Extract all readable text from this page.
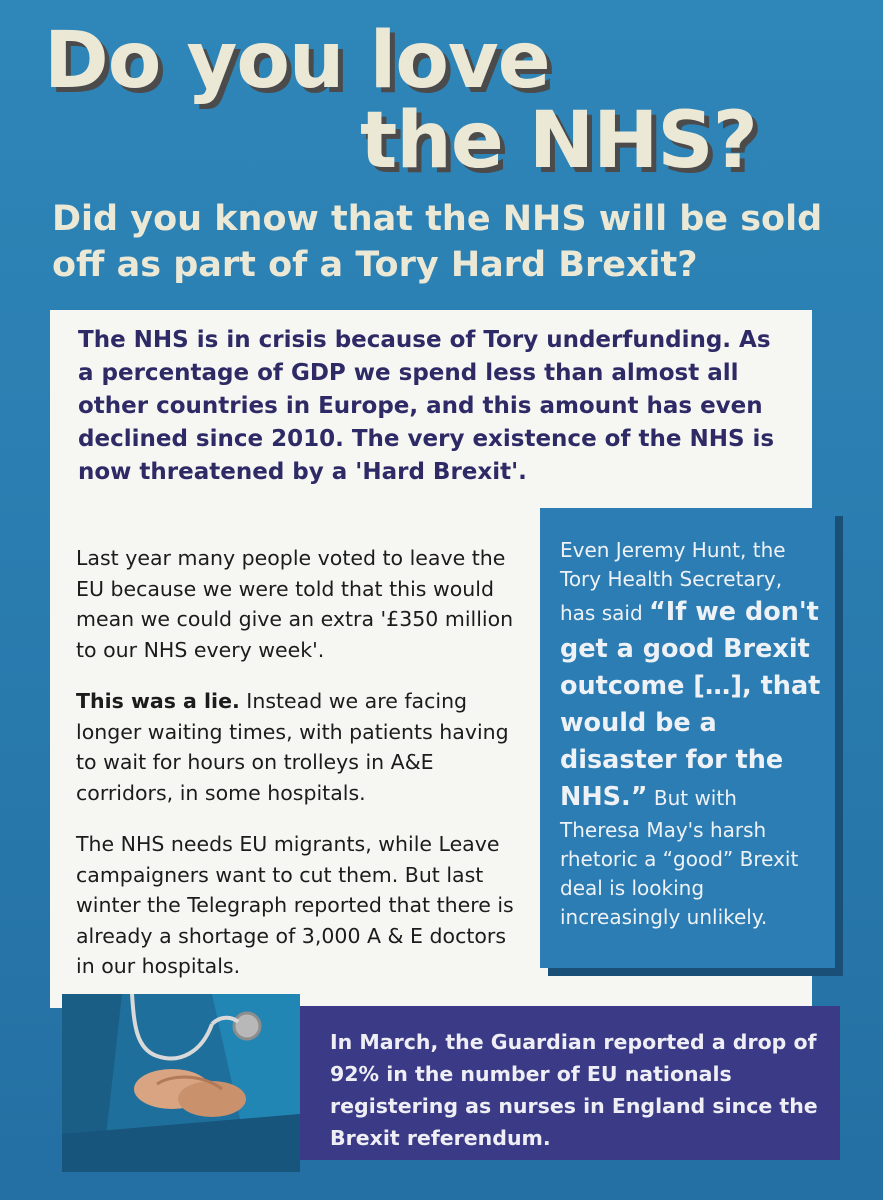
Do you love
the NHS?
Did you know that the NHS will be sold off as part of a Tory Hard Brexit?

The NHS is in crisis because of Tory underfunding. As a percentage of GDP we spend less than almost all other countries in Europe, and this amount has even declined since 2010. The very existence of the NHS is now threatened by a 'Hard Brexit'.

Last year many people voted to leave the EU because we were told that this would mean we could give an extra '£350 million to our NHS every week'.

This was a lie. Instead we are facing longer waiting times, with patients having to wait for hours on trolleys in A&E corridors, in some hospitals.

The NHS needs EU migrants, while Leave campaigners want to cut them. But last winter the Telegraph reported that there is already a shortage of 3,000 A & E doctors in our hospitals.

Even Jeremy Hunt, the Tory Health Secretary, has said “If we don't get a good Brexit outcome […], that would be a disaster for the NHS.” But with Theresa May's harsh rhetoric a “good” Brexit deal is looking increasingly unlikely.
In March, the Guardian reported a drop of 92% in the number of EU nationals registering as nurses in England since the Brexit referendum.
